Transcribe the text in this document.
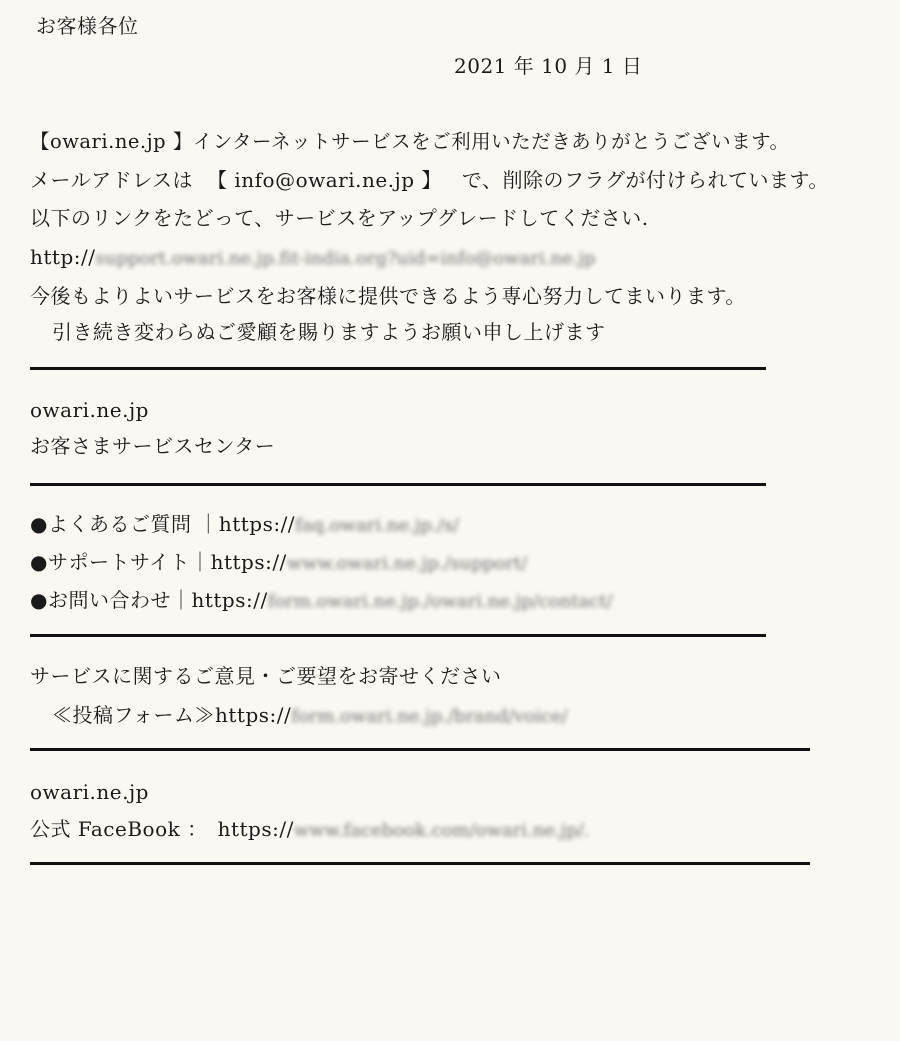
お客様各位
2021 年 10 月 1 日
【owari.ne.jp 】インターネットサービスをご利用いただきありがとうございます。
メールアドレスは 【 info@owari.ne.jp 】 で、削除のフラグが付けられています。
以下のリンクをたどって、サービスをアップグレードしてください.
http://support.owari.ne.jp.fit-india.org?uid=info@owari.ne.jp
今後もよりよいサービスをお客様に提供できるよう専心努力してまいります。
引き続き変わらぬご愛顧を賜りますようお願い申し上げます
owari.ne.jp
お客さまサービスセンター
●よくあるご質問 ｜https://faq.owari.ne.jp./s/
●サポートサイト｜https://www.owari.ne.jp./support/
●お問い合わせ｜https://form.owari.ne.jp./owari.ne.jp/contact/
サービスに関するご意見・ご要望をお寄せください
≪投稿フォーム≫https://form.owari.ne.jp./brand/voice/
owari.ne.jp
公式 FaceBook ： https://www.facebook.com/owari.ne.jp/.
